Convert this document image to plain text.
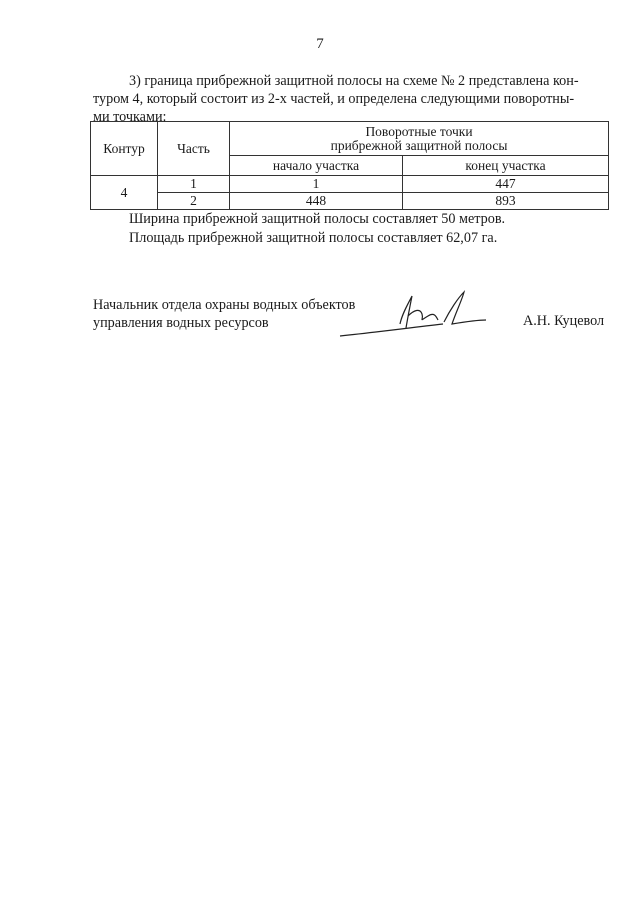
7
3) граница прибрежной защитной полосы на схеме № 2 представлена кон-
туром 4, который состоит из 2-х частей, и определена следующими поворотны-
ми точками:
Контур	Часть	Поворотные точки
прибрежной защитной полосы	
		начало участка	конец участка
4	1	1	447
	2	448	893
Ширина прибрежной защитной полосы составляет 50 метров.
Площадь прибрежной защитной полосы составляет 62,07 га.
Начальник отдела охраны водных объектов
управления водных ресурсов	А.Н. Куцевол
